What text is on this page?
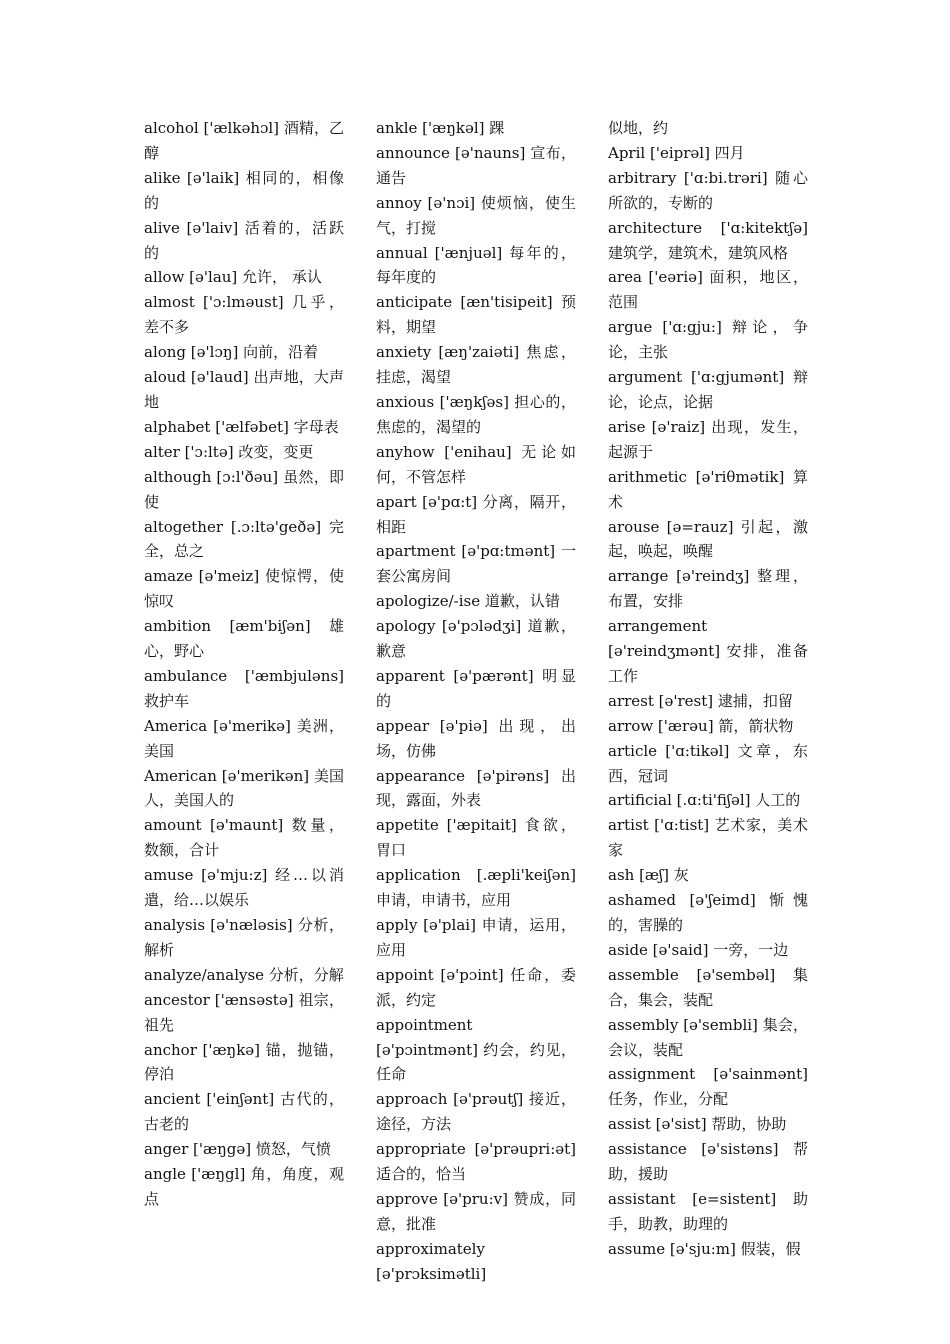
alcohol ['ælkəhɔl] 酒精，乙醇

alike [ə'laik] 相同的，相像的

alive [ə'laiv] 活着的，活跃的

allow [ə'lau] 允许， 承认

almost ['ɔ:lməust] 几乎，差不多

along [ə'lɔŋ] 向前，沿着

aloud [ə'laud] 出声地，大声地

alphabet ['ælfəbet] 字母表

alter ['ɔ:ltə] 改变，变更

although [ɔ:l'ðəu] 虽然，即使

altogether [.ɔ:ltə'geðə] 完全，总之

amaze [ə'meiz] 使惊愕，使惊叹

ambition [æm'biʃən] 雄心，野心

ambulance ['æmbjuləns] 救护车

America [ə'merikə] 美洲，美国

American [ə'merikən] 美国人，美国人的

amount [ə'maunt] 数量，数额，合计

amuse [ə'mju:z] 经…以消遣，给…以娱乐

analysis [ə'næləsis] 分析，解析

analyze/analyse 分析，分解

ancestor ['ænsəstə] 祖宗，祖先

anchor ['æŋkə] 锚，抛锚，停泊

ancient ['einʃənt] 古代的，古老的

anger ['æŋgə] 愤怒，气愤

angle ['æŋgl] 角，角度，观点

ankle ['æŋkəl] 踝

announce [ə'nauns] 宣布，通告

annoy [ə'nɔi] 使烦恼，使生气，打搅

annual ['ænjuəl] 每年的，每年度的

anticipate [æn'tisipeit] 预料，期望

anxiety [æŋ'zaiəti] 焦虑，挂虑，渴望

anxious ['æŋkʃəs] 担心的，焦虑的，渴望的

anyhow ['enihau] 无论如何，不管怎样

apart [ə'pɑ:t] 分离，隔开，相距

apartment [ə'pɑ:tmənt] 一套公寓房间

apologize/-ise 道歉，认错

apology [ə'pɔlədʒi] 道歉，歉意

apparent [ə'pærənt] 明显的

appear [ə'piə] 出现，出场，仿佛

appearance [ə'pirəns] 出现，露面，外表

appetite ['æpitait] 食欲，胃口

application [.æpli'keiʃən] 申请，申请书，应用

apply [ə'plai] 申请，运用，应用

appoint [ə'pɔint] 任命，委派，约定

appointment [ə'pɔintmənt] 约会，约见，任命

approach [ə'prəutʃ] 接近，途径，方法

appropriate [ə'prəupri:ət] 适合的，恰当

approve [ə'pru:v] 赞成，同意，批准

approximately [ə'prɔksimətli]

似地，约

April ['eiprəl] 四月

arbitrary ['ɑ:bi.trəri] 随心所欲的，专断的

architecture ['ɑ:kitektʃə] 建筑学，建筑术，建筑风格

area ['eəriə] 面积，地区，范围

argue ['ɑ:gju:] 辩论，争论，主张

argument ['ɑ:gjumənt] 辩论，论点，论据

arise [ə'raiz] 出现，发生，起源于

arithmetic [ə'riθmətik] 算术

arouse [ə=rauz] 引起，激起，唤起，唤醒

arrange [ə'reindʒ] 整理，布置，安排

arrangement [ə'reindʒmənt] 安排，准备工作

arrest [ə'rest] 逮捕，扣留

arrow ['ærəu] 箭，箭状物

article ['ɑ:tikəl] 文章，东西，冠词

artificial [.ɑ:ti'fiʃəl] 人工的

artist ['ɑ:tist] 艺术家，美术家

ash [æʃ] 灰

ashamed [ə'ʃeimd] 惭愧的，害臊的

aside [ə'said] 一旁，一边

assemble [ə'sembəl] 集合，集会，装配

assembly [ə'sembli] 集会，会议，装配

assignment [ə'sainmənt] 任务，作业，分配

assist [ə'sist] 帮助，协助

assistance [ə'sistəns] 帮助，援助

assistant [e=sistent] 助手，助教，助理的

assume [ə'sju:m] 假装，假
